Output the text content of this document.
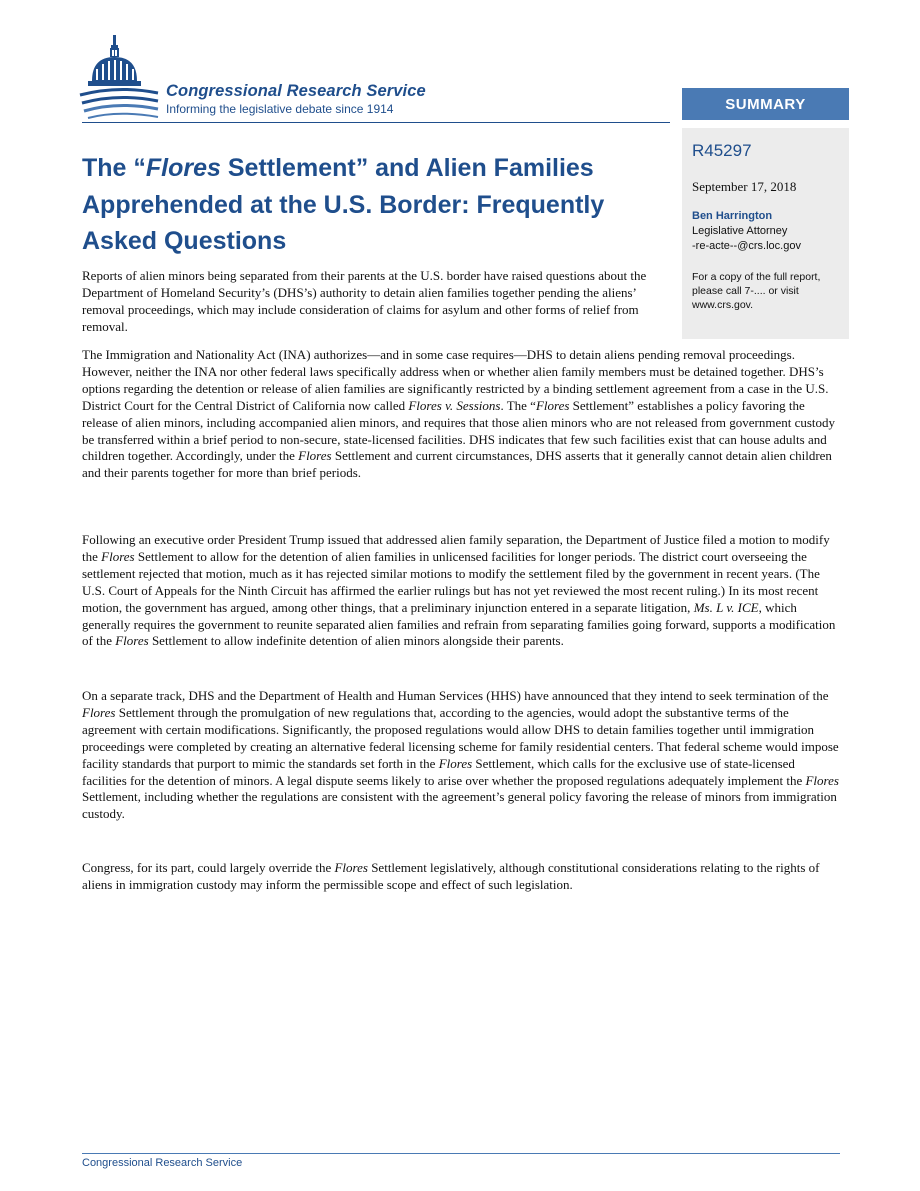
Congressional Research Service
Informing the legislative debate since 1914	SUMMARY
R45297
September 17, 2018
Ben Harrington
Legislative Attorney
-re-acte--@crs.loc.gov
For a copy of the full report, please call 7-.... or visit www.crs.gov.
The “Flores Settlement” and Alien Families Apprehended at the U.S. Border: Frequently Asked Questions

Reports of alien minors being separated from their parents at the U.S. border have raised questions about the Department of Homeland Security’s (DHS’s) authority to detain alien families together pending the aliens’ removal proceedings, which may include consideration of claims for asylum and other forms of relief from removal.

The Immigration and Nationality Act (INA) authorizes—and in some case requires—DHS to detain aliens pending removal proceedings. However, neither the INA nor other federal laws specifically address when or whether alien family members must be detained together. DHS’s options regarding the detention or release of alien families are significantly restricted by a binding settlement agreement from a case in the U.S. District Court for the Central District of California now called Flores v. Sessions. The “Flores Settlement” establishes a policy favoring the release of alien minors, including accompanied alien minors, and requires that those alien minors who are not released from government custody be transferred within a brief period to non-secure, state-licensed facilities. DHS indicates that few such facilities exist that can house adults and children together. Accordingly, under the Flores Settlement and current circumstances, DHS asserts that it generally cannot detain alien children and their parents together for more than brief periods.

Following an executive order President Trump issued that addressed alien family separation, the Department of Justice filed a motion to modify the Flores Settlement to allow for the detention of alien families in unlicensed facilities for longer periods. The district court overseeing the settlement rejected that motion, much as it has rejected similar motions to modify the settlement filed by the government in recent years. (The U.S. Court of Appeals for the Ninth Circuit has affirmed the earlier rulings but has not yet reviewed the most recent ruling.) In its most recent motion, the government has argued, among other things, that a preliminary injunction entered in a separate litigation, Ms. L v. ICE, which generally requires the government to reunite separated alien families and refrain from separating families going forward, supports a modification of the Flores Settlement to allow indefinite detention of alien minors alongside their parents.

On a separate track, DHS and the Department of Health and Human Services (HHS) have announced that they intend to seek termination of the Flores Settlement through the promulgation of new regulations that, according to the agencies, would adopt the substantive terms of the agreement with certain modifications. Significantly, the proposed regulations would allow DHS to detain families together until immigration proceedings were completed by creating an alternative federal licensing scheme for family residential centers. That federal scheme would impose facility standards that purport to mimic the standards set forth in the Flores Settlement, which calls for the exclusive use of state-licensed facilities for the detention of minors. A legal dispute seems likely to arise over whether the proposed regulations adequately implement the Flores Settlement, including whether the regulations are consistent with the agreement’s general policy favoring the release of minors from immigration custody.

Congress, for its part, could largely override the Flores Settlement legislatively, although constitutional considerations relating to the rights of aliens in immigration custody may inform the permissible scope and effect of such legislation.

Congressional Research Service
